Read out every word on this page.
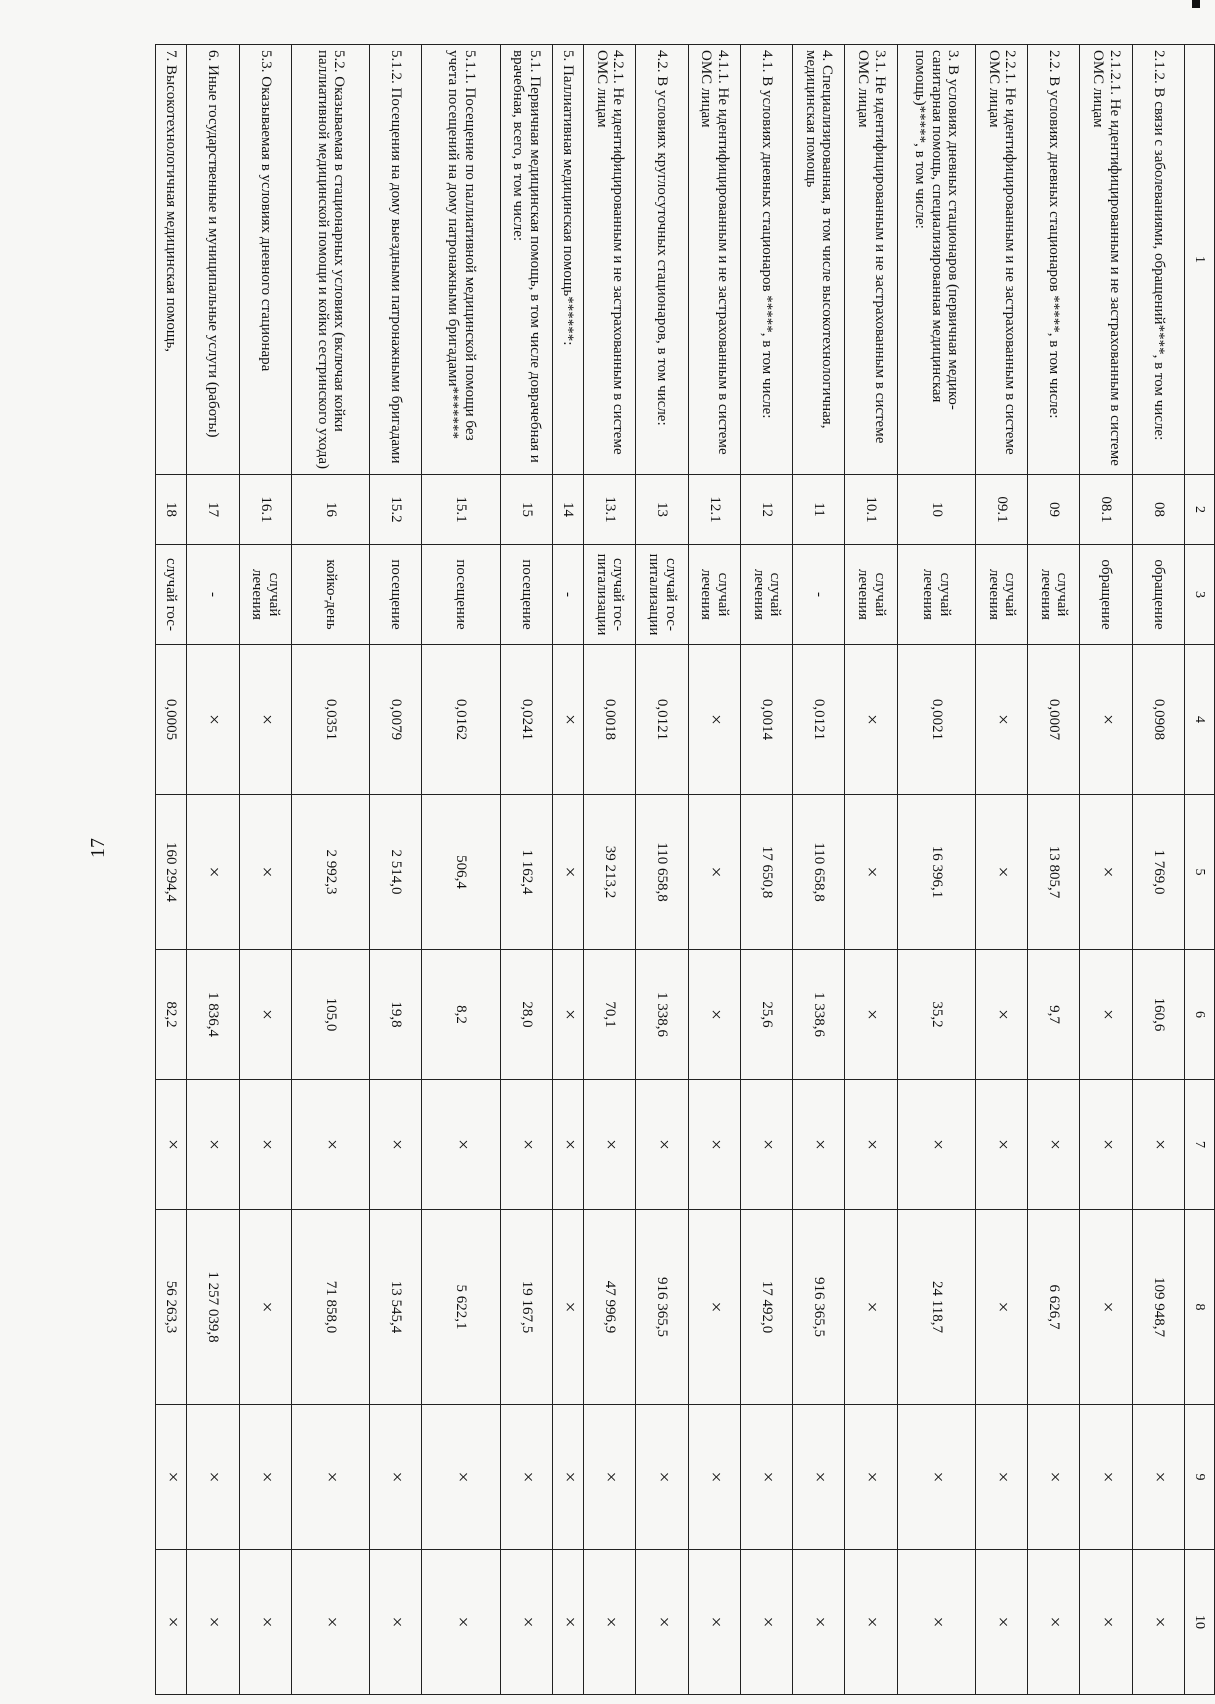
17
1	2	3	4	5	6	7	8	9	10
2.1.2. В связи с заболеваниями, обращений****, в том числе:	08	обращение	0,0908	1 769,0	160,6	×	109 948,7	×	×
2.1.2.1. Не идентифицированным и не застрахованным в системе ОМС лицам	08.1	обращение	×	×	×	×	×	×	×
2.2. В условиях дневных стационаров *****, в том числе:	09	случай лечения	0,0007	13 805,7	9,7	×	6 626,7	×	×
2.2.1. Не идентифицированным и не застрахованным в системе ОМС лицам	09.1	случай лечения	×	×	×	×	×	×	×
3. В условиях дневных стационаров (первичная медико-санитарная помощь, специализированная медицинская помощь)*****, в том числе:	10	случай лечения	0,0021	16 396,1	35,2	×	24 118,7	×	×
3.1. Не идентифицированным и не застрахованным в системе ОМС лицам	10.1	случай лечения	×	×	×	×	×	×	×
4. Специализированная, в том числе высокотехнологичная, медицинская помощь	11	-	0,0121	110 658,8	1 338,6	×	916 365,5	×	×
4.1. В условиях дневных стационаров *****, в том числе:	12	случай лечения	0,0014	17 650,8	25,6	×	17 492,0	×	×
4.1.1. Не идентифицированным и не застрахованным в системе ОМС лицам	12.1	случай лечения	×	×	×	×	×	×	×
4.2. В условиях круглосуточных стационаров, в том числе:	13	случай гос-питализации	0,0121	110 658,8	1 338,6	×	916 365,5	×	×
4.2.1. Не идентифицированным и не застрахованным в системе ОМС лицам	13.1	случай гос-питализации	0,0018	39 213,2	70,1	×	47 996,9	×	×
5. Паллиативная медицинская помощь******:	14	-	×	×	×	×	×	×	×
5.1. Первичная медицинская помощь, в том числе доврачебная и врачебная, всего, в том числе:	15	посещение	0,0241	1 162,4	28,0	×	19 167,5	×	×
5.1.1. Посещение по паллиативной медицинской помощи без учета посещений на дому патронажными бригадами*******	15.1	посещение	0,0162	506,4	8,2	×	5 622,1	×	×
5.1.2. Посещения на дому выездными патронажными бригадами	15.2	посещение	0,0079	2 514,0	19,8	×	13 545,4	×	×
5.2. Оказываемая в стационарных условиях (включая койки паллиативной медицинской помощи и койки сестринского ухода)	16	койко-день	0,0351	2 992,3	105,0	×	71 858,0	×	×
5.3. Оказываемая в условиях дневного стационара	16.1	случай лечения	×	×	×	×	×	×	×
6. Иные государственные и муниципальные услуги (работы)	17	-	×	×	1 836,4	×	1 257 039,8	×	×
7. Высокотехнологичная медицинская помощь,	18	случай гос-	0,0005	160 294,4	82,2	×	56 263,3	×	×
